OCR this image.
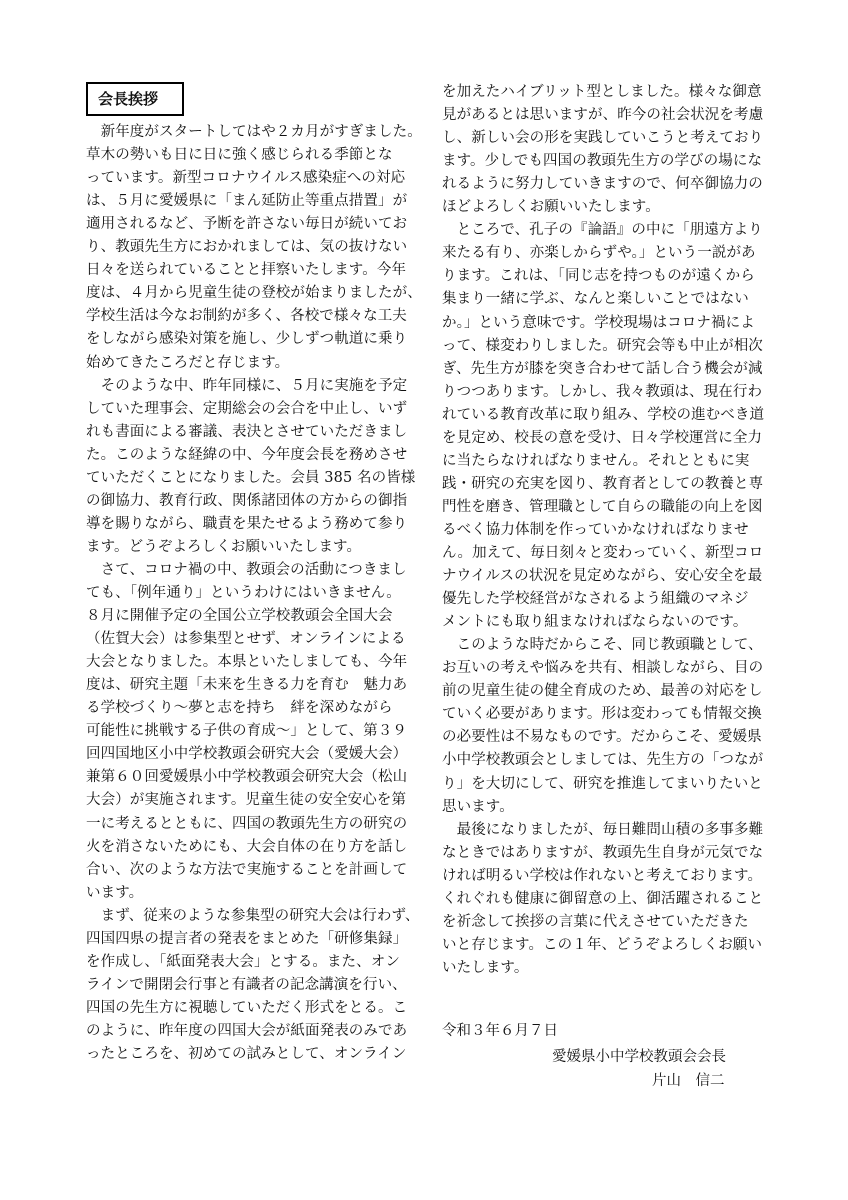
会長挨拶
　新年度がスタートしてはや２カ月がすぎました。
草木の勢いも日に日に強く感じられる季節とな
っています。新型コロナウイルス感染症への対応
は、５月に愛媛県に「まん延防止等重点措置」が
適用されるなど、予断を許さない毎日が続いてお
り、教頭先生方におかれましては、気の抜けない
日々を送られていることと拝察いたします。今年
度は、４月から児童生徒の登校が始まりましたが、
学校生活は今なお制約が多く、各校で様々な工夫
をしながら感染対策を施し、少しずつ軌道に乗り
始めてきたころだと存じます。
　そのような中、昨年同様に、５月に実施を予定
していた理事会、定期総会の会合を中止し、いず
れも書面による審議、表決とさせていただきまし
た。このような経緯の中、今年度会長を務めさせ
ていただくことになりました。会員 385 名の皆様
の御協力、教育行政、関係諸団体の方からの御指
導を賜りながら、職責を果たせるよう務めて参り
ます。どうぞよろしくお願いいたします。
　さて、コロナ禍の中、教頭会の活動につきまし
ても、「例年通り」というわけにはいきません。
８月に開催予定の全国公立学校教頭会全国大会
（佐賀大会）は参集型とせず、オンラインによる
大会となりました。本県といたしましても、今年
度は、研究主題「未来を生きる力を育む　魅力あ
る学校づくり～夢と志を持ち　絆を深めながら
可能性に挑戦する子供の育成～」として、第３９
回四国地区小中学校教頭会研究大会（愛媛大会）
兼第６０回愛媛県小中学校教頭会研究大会（松山
大会）が実施されます。児童生徒の安全安心を第
一に考えるとともに、四国の教頭先生方の研究の
火を消さないためにも、大会自体の在り方を話し
合い、次のような方法で実施することを計画して
います。
　まず、従来のような参集型の研究大会は行わず、
四国四県の提言者の発表をまとめた「研修集録」
を作成し、「紙面発表大会」とする。また、オン
ラインで開閉会行事と有識者の記念講演を行い、
四国の先生方に視聴していただく形式をとる。こ
のように、昨年度の四国大会が紙面発表のみであ
ったところを、初めての試みとして、オンライン
を加えたハイブリット型としました。様々な御意
見があるとは思いますが、昨今の社会状況を考慮
し、新しい会の形を実践していこうと考えており
ます。少しでも四国の教頭先生方の学びの場にな
れるように努力していきますので、何卒御協力の
ほどよろしくお願いいたします。
　ところで、孔子の『論語』の中に「朋遠方より
来たる有り、亦楽しからずや。」という一説があ
ります。これは、「同じ志を持つものが遠くから
集まり一緒に学ぶ、なんと楽しいことではない
か。」という意味です。学校現場はコロナ禍によ
って、様変わりしました。研究会等も中止が相次
ぎ、先生方が膝を突き合わせて話し合う機会が減
りつつあります。しかし、我々教頭は、現在行わ
れている教育改革に取り組み、学校の進むべき道
を見定め、校長の意を受け、日々学校運営に全力
に当たらなければなりません。それとともに実
践・研究の充実を図り、教育者としての教養と専
門性を磨き、管理職として自らの職能の向上を図
るべく協力体制を作っていかなければなりませ
ん。加えて、毎日刻々と変わっていく、新型コロ
ナウイルスの状況を見定めながら、安心安全を最
優先した学校経営がなされるよう組織のマネジ
メントにも取り組まなければならないのです。
　このような時だからこそ、同じ教頭職として、
お互いの考えや悩みを共有、相談しながら、目の
前の児童生徒の健全育成のため、最善の対応をし
ていく必要があります。形は変わっても情報交換
の必要性は不易なものです。だからこそ、愛媛県
小中学校教頭会としましては、先生方の「つなが
り」を大切にして、研究を推進してまいりたいと
思います。
　最後になりましたが、毎日難問山積の多事多難
なときではありますが、教頭先生自身が元気でな
ければ明るい学校は作れないと考えております。
くれぐれも健康に御留意の上、御活躍されること
を祈念して挨拶の言葉に代えさせていただきた
いと存じます。この１年、どうぞよろしくお願い
いたします。
令和３年６月７日
愛媛県小中学校教頭会会長
片山　信二
